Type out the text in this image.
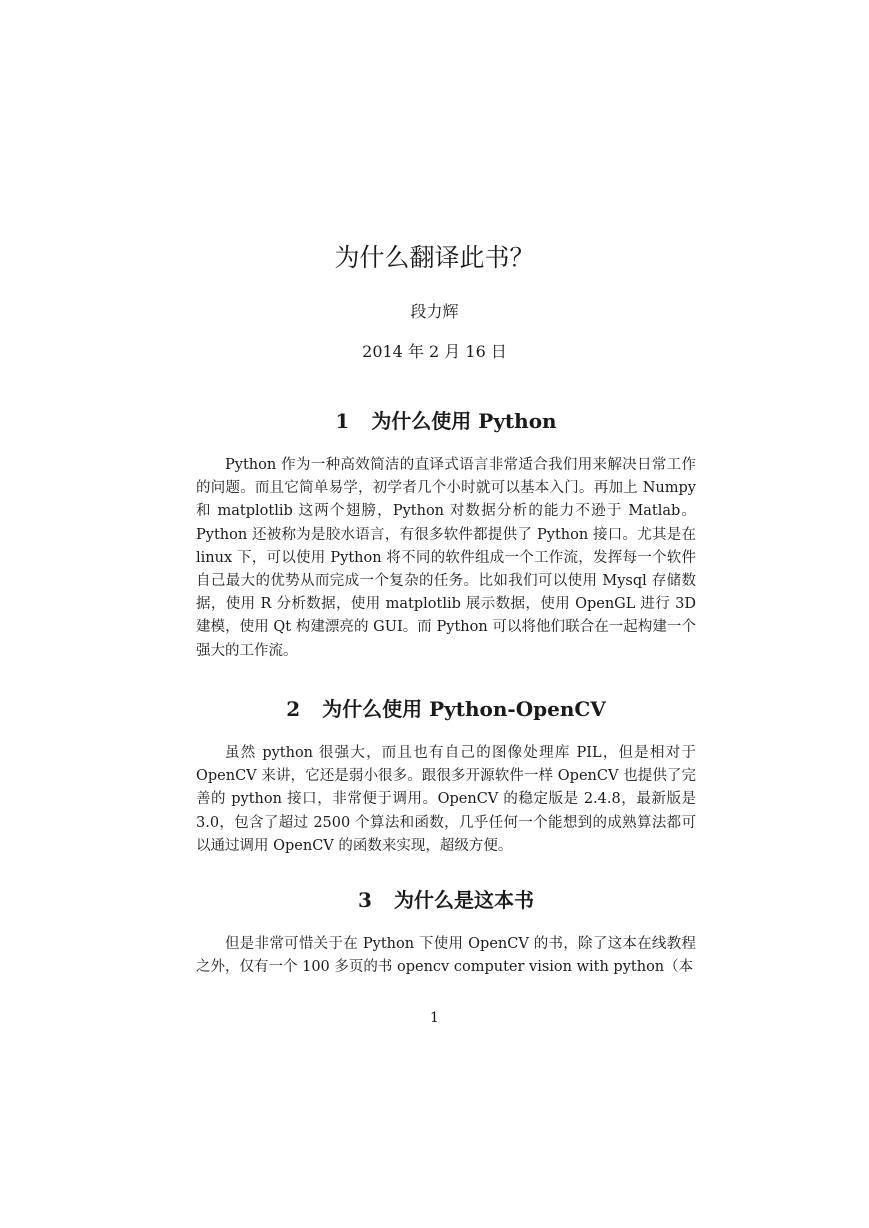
为什么翻译此书？
段力辉
2014 年 2 月 16 日
1 为什么使用 Python

Python 作为一种高效简洁的直译式语言非常适合我们用来解决日常工作的问题。而且它简单易学，初学者几个小时就可以基本入门。再加上 Numpy 和 matplotlib 这两个翅膀，Python 对数据分析的能力不逊于 Matlab。Python 还被称为是胶水语言，有很多软件都提供了 Python 接口。尤其是在 linux 下，可以使用 Python 将不同的软件组成一个工作流，发挥每一个软件自己最大的优势从而完成一个复杂的任务。比如我们可以使用 Mysql 存储数据，使用 R 分析数据，使用 matplotlib 展示数据，使用 OpenGL 进行 3D 建模，使用 Qt 构建漂亮的 GUI。而 Python 可以将他们联合在一起构建一个强大的工作流。

2 为什么使用 Python-OpenCV

虽然 python 很强大，而且也有自己的图像处理库 PIL，但是相对于 OpenCV 来讲，它还是弱小很多。跟很多开源软件一样 OpenCV 也提供了完善的 python 接口，非常便于调用。OpenCV 的稳定版是 2.4.8，最新版是 3.0，包含了超过 2500 个算法和函数，几乎任何一个能想到的成熟算法都可以通过调用 OpenCV 的函数来实现，超级方便。

3 为什么是这本书

但是非常可惜关于在 Python 下使用 OpenCV 的书，除了这本在线教程之外，仅有一个 100 多页的书 opencv computer vision with python（本

1
